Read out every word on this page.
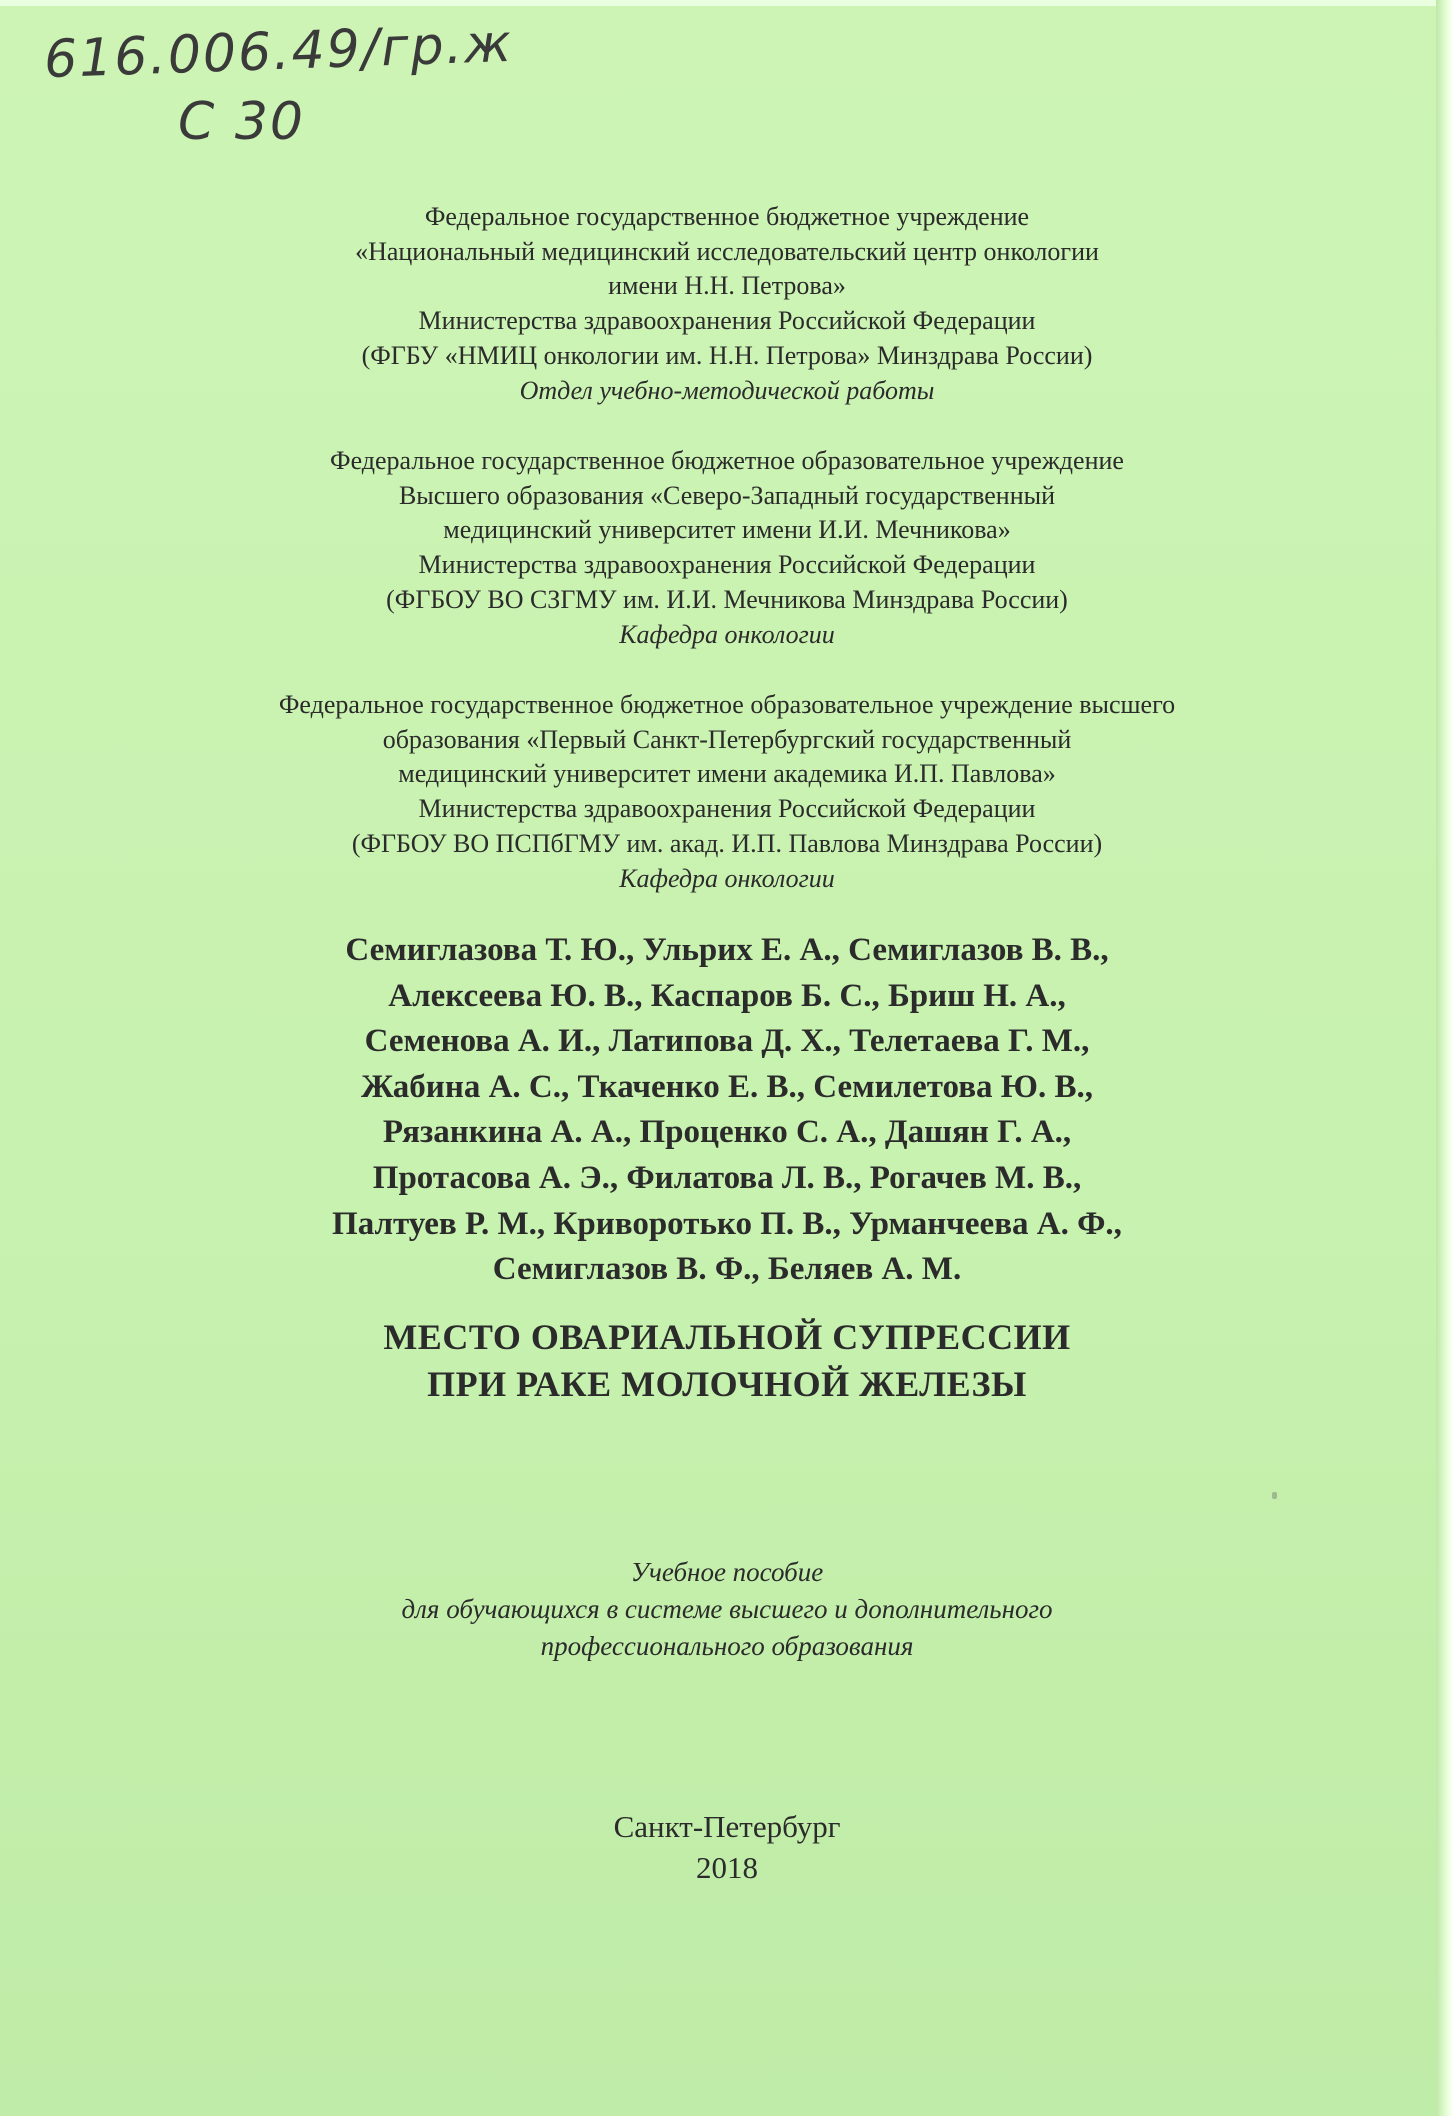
616.006.49/гр.ж
С 30
Федеральное государственное бюджетное учреждение
«Национальный медицинский исследовательский центр онкологии
имени Н.Н. Петрова»
Министерства здравоохранения Российской Федерации
(ФГБУ «НМИЦ онкологии им. Н.Н. Петрова» Минздрава России)
Отдел учебно-методической работы
Федеральное государственное бюджетное образовательное учреждение
Высшего образования «Северо-Западный государственный
медицинский университет имени И.И. Мечникова»
Министерства здравоохранения Российской Федерации
(ФГБОУ ВО СЗГМУ им. И.И. Мечникова Минздрава России)
Кафедра онкологии
Федеральное государственное бюджетное образовательное учреждение высшего
образования «Первый Санкт-Петербургский государственный
медицинский университет имени академика И.П. Павлова»
Министерства здравоохранения Российской Федерации
(ФГБОУ ВО ПСПбГМУ им. акад. И.П. Павлова Минздрава России)
Кафедра онкологии
Семиглазова Т. Ю., Ульрих Е. А., Семиглазов В. В.,
Алексеева Ю. В., Каспаров Б. С., Бриш Н. А.,
Семенова А. И., Латипова Д. Х., Телетаева Г. М.,
Жабина А. С., Ткаченко Е. В., Семилетова Ю. В.,
Рязанкина А. А., Проценко С. А., Дашян Г. А.,
Протасова А. Э., Филатова Л. В., Рогачев М. В.,
Палтуев Р. М., Криворотько П. В., Урманчеева А. Ф.,
Семиглазов В. Ф., Беляев А. М.
МЕСТО ОВАРИАЛЬНОЙ СУПРЕССИИ
ПРИ РАКЕ МОЛОЧНОЙ ЖЕЛЕЗЫ
Учебное пособие
для обучающихся в системе высшего и дополнительного
профессионального образования
Санкт-Петербург
2018
